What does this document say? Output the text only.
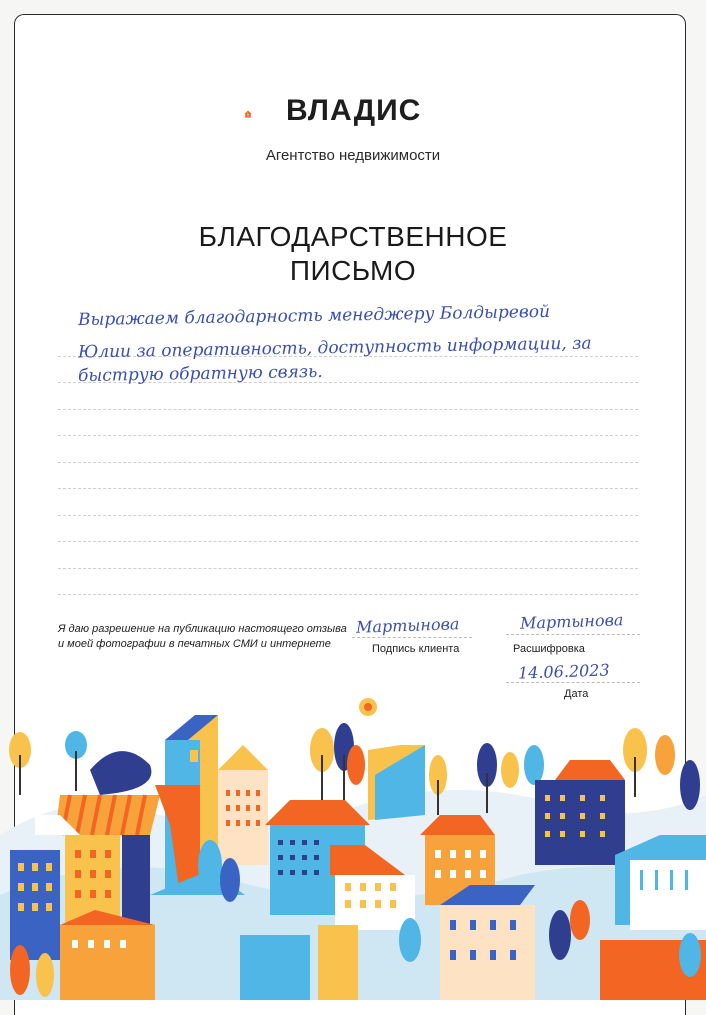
1 ВЛАДИС
Агентство недвижимости
БЛАГОДАРСТВЕННОЕ
ПИСЬМО
Выражаем благодарность менеджеру Болдыревой
Юлии за оперативность, доступность информации, за
быструю обратную связь.
Я даю разрешение на публикацию настоящего отзыва и моей фотографии в печатных СМИ и интернете
Мартынова
Подпись клиента
Мартынова
Расшифровка
14.06.2023
Дата
